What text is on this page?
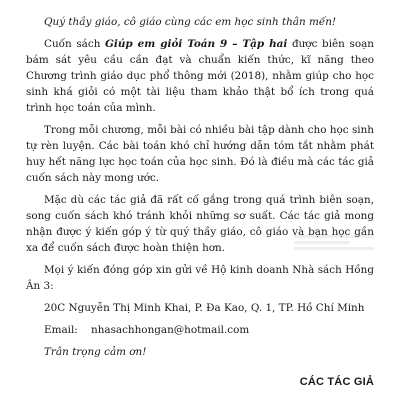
Quý thầy giáo, cô giáo cùng các em học sinh thân mến!

Cuốn sách Giúp em giỏi Toán 9 – Tập hai được biên soạn bám sát yêu cầu cần đạt và chuẩn kiến thức, kĩ năng theo Chương trình giáo dục phổ thông mới (2018), nhằm giúp cho học sinh khá giỏi có một tài liệu tham khảo thật bổ ích trong quá trình học toán của mình.

Trong mỗi chương, mỗi bài có nhiều bài tập dành cho học sinh tự rèn luyện. Các bài toán khó chỉ hướng dẫn tóm tắt nhằm phát huy hết năng lực học toán của học sinh. Đó là điều mà các tác giả cuốn sách này mong ước.

Mặc dù các tác giả đã rất cố gắng trong quá trình biên soạn, song cuốn sách khó tránh khỏi những sơ suất. Các tác giả mong nhận được ý kiến góp ý từ quý thầy giáo, cô giáo và bạn học gần xa để cuốn sách được hoàn thiện hơn.

Mọi ý kiến đóng góp xin gửi về Hộ kinh doanh Nhà sách Hồng Ân 3:

20C Nguyễn Thị Minh Khai, P. Đa Kao, Q. 1, TP. Hồ Chí Minh

Email: nhasachhongan@hotmail.com

Trân trọng cảm ơn!

CÁC TÁC GIẢ
